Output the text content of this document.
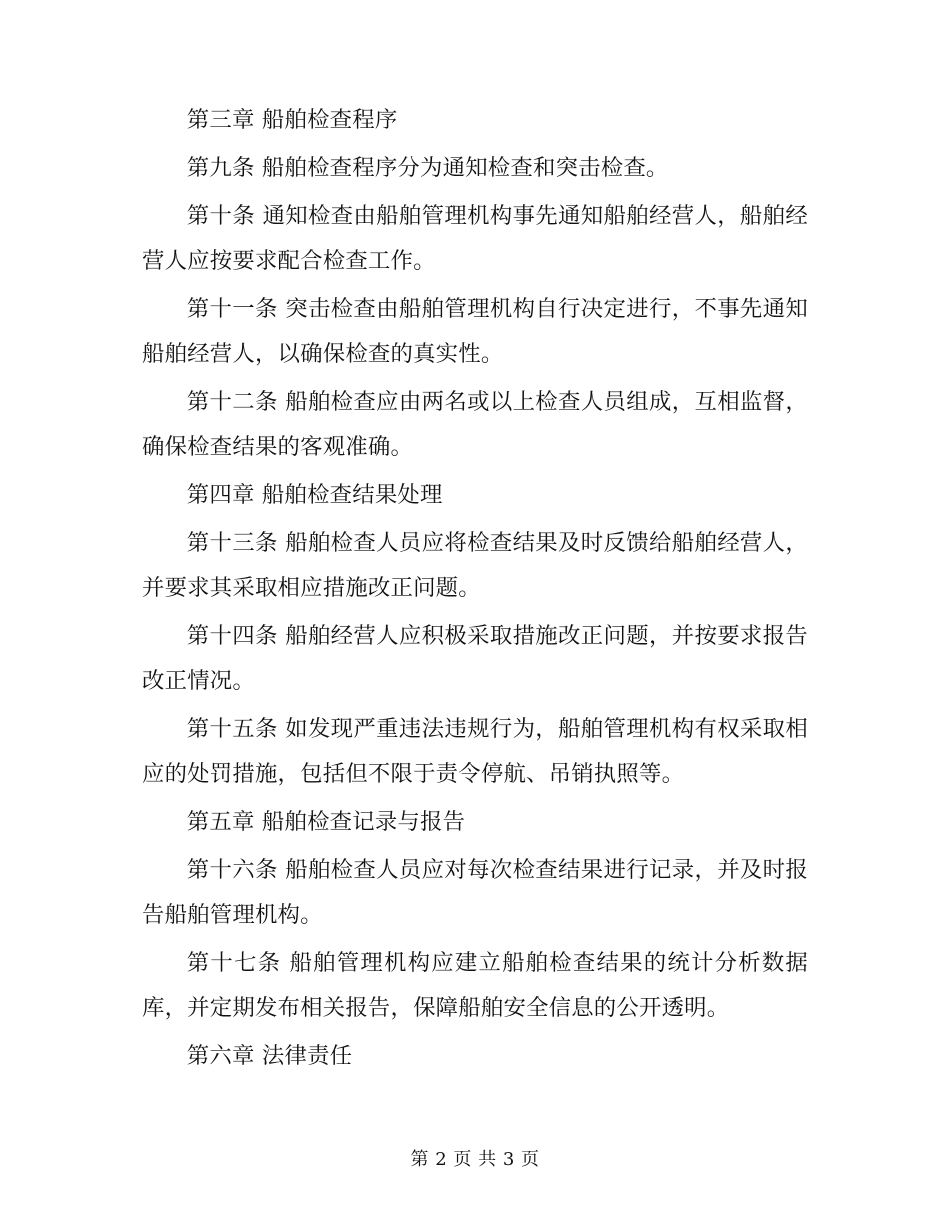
第三章 船舶检查程序

第九条 船舶检查程序分为通知检查和突击检查。

第十条 通知检查由船舶管理机构事先通知船舶经营人，船舶经营人应按要求配合检查工作。

第十一条 突击检查由船舶管理机构自行决定进行，不事先通知船舶经营人，以确保检查的真实性。

第十二条 船舶检查应由两名或以上检查人员组成，互相监督，确保检查结果的客观准确。

第四章 船舶检查结果处理

第十三条 船舶检查人员应将检查结果及时反馈给船舶经营人，并要求其采取相应措施改正问题。

第十四条 船舶经营人应积极采取措施改正问题，并按要求报告改正情况。

第十五条 如发现严重违法违规行为，船舶管理机构有权采取相应的处罚措施，包括但不限于责令停航、吊销执照等。

第五章 船舶检查记录与报告

第十六条 船舶检查人员应对每次检查结果进行记录，并及时报告船舶管理机构。

第十七条 船舶管理机构应建立船舶检查结果的统计分析数据库，并定期发布相关报告，保障船舶安全信息的公开透明。

第六章 法律责任

第 2 页 共 3 页
